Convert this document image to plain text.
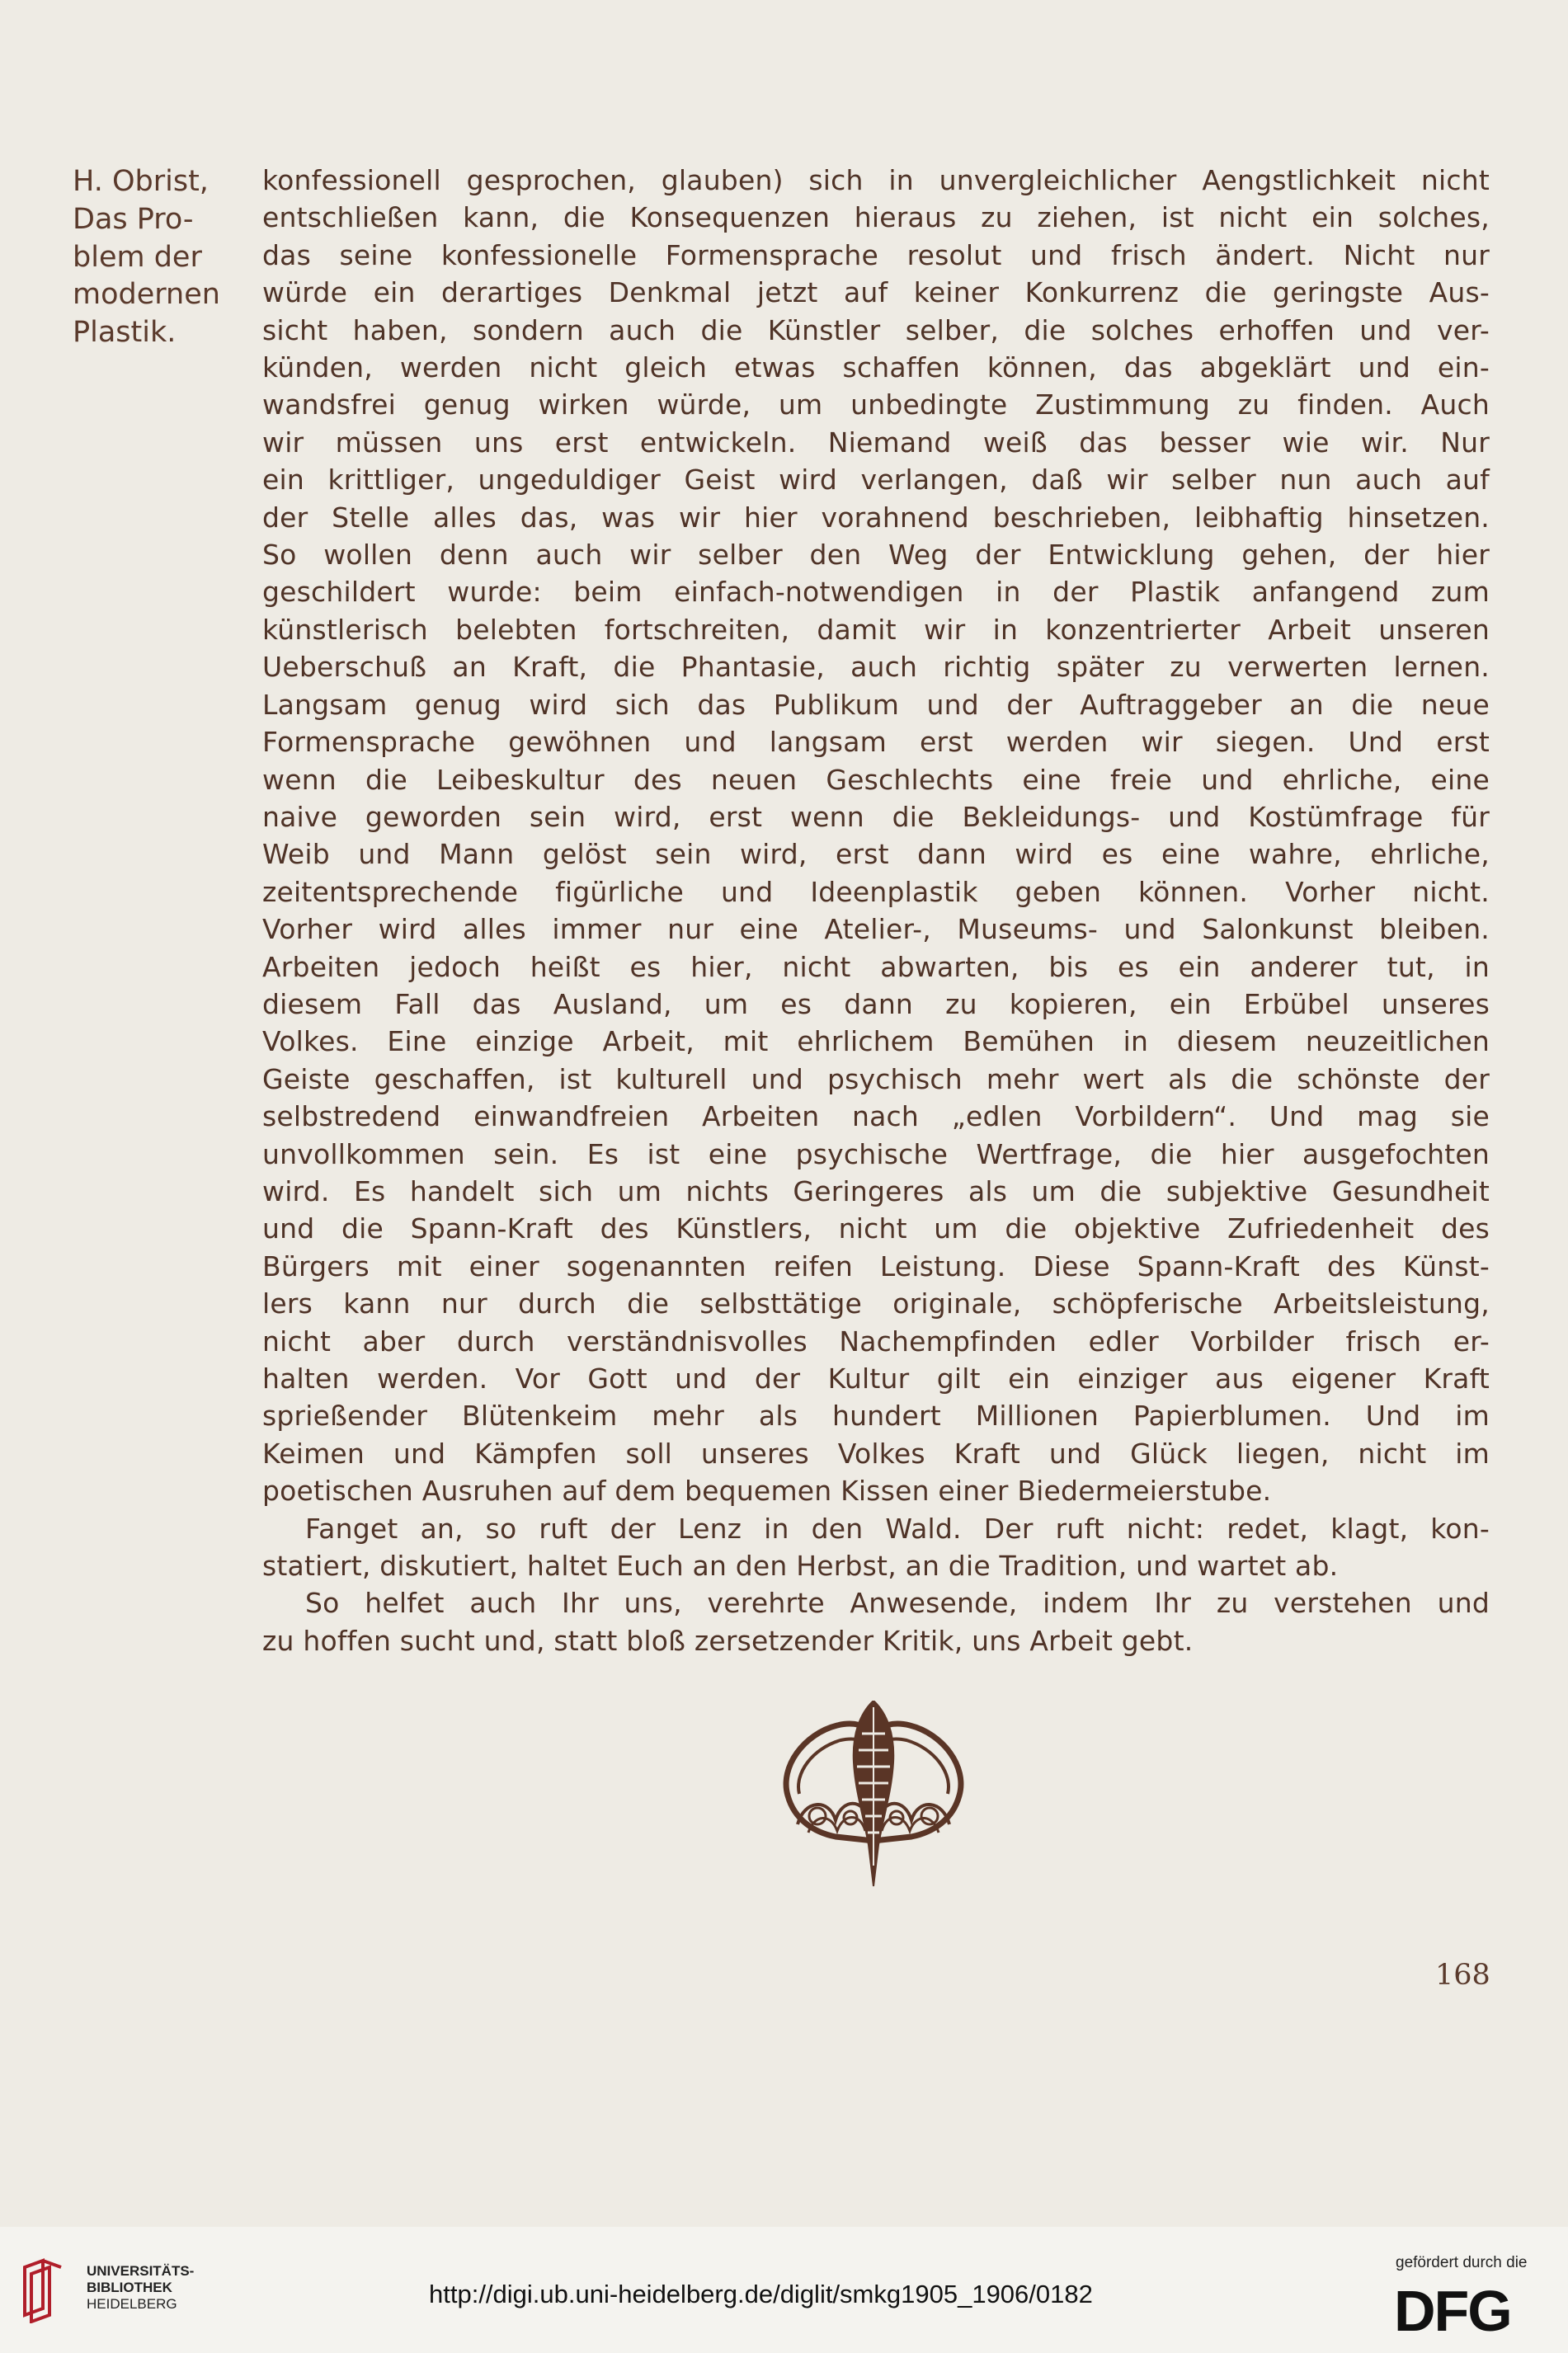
H. Obrist,
Das Pro-
blem der
modernen
Plastik.
konfessionell gesprochen, glauben) sich in unvergleichlicher Aengstlichkeit nicht
entschließen kann, die Konsequenzen hieraus zu ziehen, ist nicht ein solches,
das seine konfessionelle Formensprache resolut und frisch ändert. Nicht nur
würde ein derartiges Denkmal jetzt auf keiner Konkurrenz die geringste Aus-
sicht haben, sondern auch die Künstler selber, die solches erhoffen und ver-
künden, werden nicht gleich etwas schaffen können, das abgeklärt und ein-
wandsfrei genug wirken würde, um unbedingte Zustimmung zu finden. Auch
wir müssen uns erst entwickeln. Niemand weiß das besser wie wir. Nur
ein krittliger, ungeduldiger Geist wird verlangen, daß wir selber nun auch auf
der Stelle alles das, was wir hier vorahnend beschrieben, leibhaftig hinsetzen.
So wollen denn auch wir selber den Weg der Entwicklung gehen, der hier
geschildert wurde: beim einfach-notwendigen in der Plastik anfangend zum
künstlerisch belebten fortschreiten, damit wir in konzentrierter Arbeit unseren
Ueberschuß an Kraft, die Phantasie, auch richtig später zu verwerten lernen.
Langsam genug wird sich das Publikum und der Auftraggeber an die neue
Formensprache gewöhnen und langsam erst werden wir siegen. Und erst
wenn die Leibeskultur des neuen Geschlechts eine freie und ehrliche, eine
naive geworden sein wird, erst wenn die Bekleidungs- und Kostümfrage für
Weib und Mann gelöst sein wird, erst dann wird es eine wahre, ehrliche,
zeitentsprechende figürliche und Ideenplastik geben können. Vorher nicht.
Vorher wird alles immer nur eine Atelier-, Museums- und Salonkunst bleiben.
Arbeiten jedoch heißt es hier, nicht abwarten, bis es ein anderer tut, in
diesem Fall das Ausland, um es dann zu kopieren, ein Erbübel unseres
Volkes. Eine einzige Arbeit, mit ehrlichem Bemühen in diesem neuzeitlichen
Geiste geschaffen, ist kulturell und psychisch mehr wert als die schönste der
selbstredend einwandfreien Arbeiten nach „edlen Vorbildern“. Und mag sie
unvollkommen sein. Es ist eine psychische Wertfrage, die hier ausgefochten
wird. Es handelt sich um nichts Geringeres als um die subjektive Gesundheit
und die Spann-Kraft des Künstlers, nicht um die objektive Zufriedenheit des
Bürgers mit einer sogenannten reifen Leistung. Diese Spann-Kraft des Künst-
lers kann nur durch die selbsttätige originale, schöpferische Arbeitsleistung,
nicht aber durch verständnisvolles Nachempfinden edler Vorbilder frisch er-
halten werden. Vor Gott und der Kultur gilt ein einziger aus eigener Kraft
sprießender Blütenkeim mehr als hundert Millionen Papierblumen. Und im
Keimen und Kämpfen soll unseres Volkes Kraft und Glück liegen, nicht im
poetischen Ausruhen auf dem bequemen Kissen einer Biedermeierstube.
Fanget an, so ruft der Lenz in den Wald. Der ruft nicht: redet, klagt, kon-
statiert, diskutiert, haltet Euch an den Herbst, an die Tradition, und wartet ab.
So helfet auch Ihr uns, verehrte Anwesende, indem Ihr zu verstehen und
zu hoffen sucht und, statt bloß zersetzender Kritik, uns Arbeit gebt.
168
UNIVERSITÄTS-
BIBLIOTHEK
HEIDELBERG	http://digi.ub.uni-heidelberg.de/diglit/smkg1905_1906/0182
gefördert durch die
DFG
